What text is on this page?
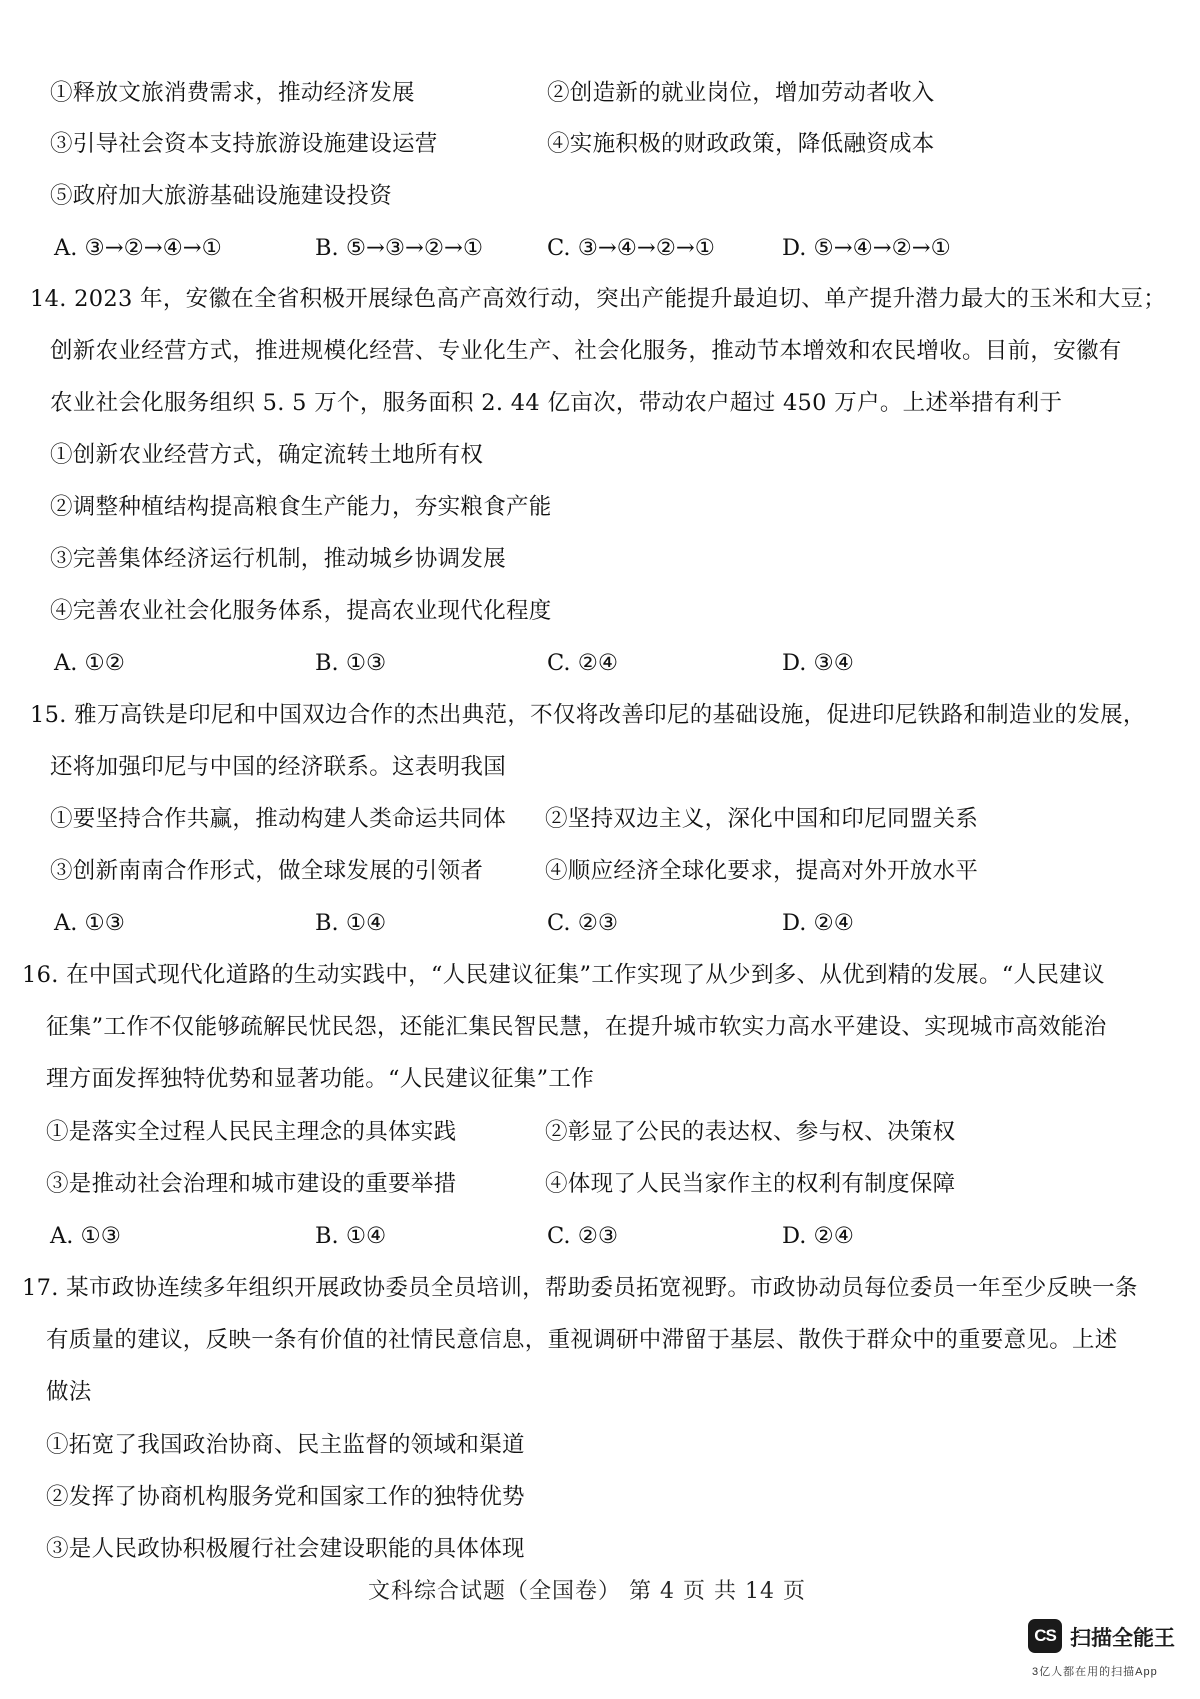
①释放文旅消费需求，推动经济发展	②创造新的就业岗位，增加劳动者收入
③引导社会资本支持旅游设施建设运营	④实施积极的财政政策，降低融资成本
⑤政府加大旅游基础设施建设投资
A. ③→②→④→①	B. ⑤→③→②→①	C. ③→④→②→①	D. ⑤→④→②→①
14. 2023 年，安徽在全省积极开展绿色高产高效行动，突出产能提升最迫切、单产提升潜力最大的玉米和大豆；
创新农业经营方式，推进规模化经营、专业化生产、社会化服务，推动节本增效和农民增收。目前，安徽有
农业社会化服务组织 5. 5 万个，服务面积 2. 44 亿亩次，带动农户超过 450 万户。上述举措有利于
①创新农业经营方式，确定流转土地所有权
②调整种植结构提高粮食生产能力，夯实粮食产能
③完善集体经济运行机制，推动城乡协调发展
④完善农业社会化服务体系，提高农业现代化程度
A. ①②	B. ①③	C. ②④	D. ③④
15. 雅万高铁是印尼和中国双边合作的杰出典范，不仅将改善印尼的基础设施，促进印尼铁路和制造业的发展，
还将加强印尼与中国的经济联系。这表明我国
①要坚持合作共赢，推动构建人类命运共同体 ②坚持双边主义，深化中国和印尼同盟关系
③创新南南合作形式，做全球发展的引领者	④顺应经济全球化要求，提高对外开放水平
A. ①③	B. ①④	C. ②③	D. ②④
16. 在中国式现代化道路的生动实践中，“人民建议征集”工作实现了从少到多、从优到精的发展。“人民建议
征集”工作不仅能够疏解民忧民怨，还能汇集民智民慧，在提升城市软实力高水平建设、实现城市高效能治
理方面发挥独特优势和显著功能。“人民建议征集”工作
①是落实全过程人民民主理念的具体实践	②彰显了公民的表达权、参与权、决策权
③是推动社会治理和城市建设的重要举措	④体现了人民当家作主的权利有制度保障
A. ①③	B. ①④	C. ②③	D. ②④
17. 某市政协连续多年组织开展政协委员全员培训，帮助委员拓宽视野。市政协动员每位委员一年至少反映一条
有质量的建议，反映一条有价值的社情民意信息，重视调研中滞留于基层、散佚于群众中的重要意见。上述
做法
①拓宽了我国政治协商、民主监督的领域和渠道
②发挥了协商机构服务党和国家工作的独特优势
③是人民政协积极履行社会建设职能的具体体现
文科综合试题（全国卷） 第 4 页 共 14 页
CS 扫描全能王
3亿人都在用的扫描App
